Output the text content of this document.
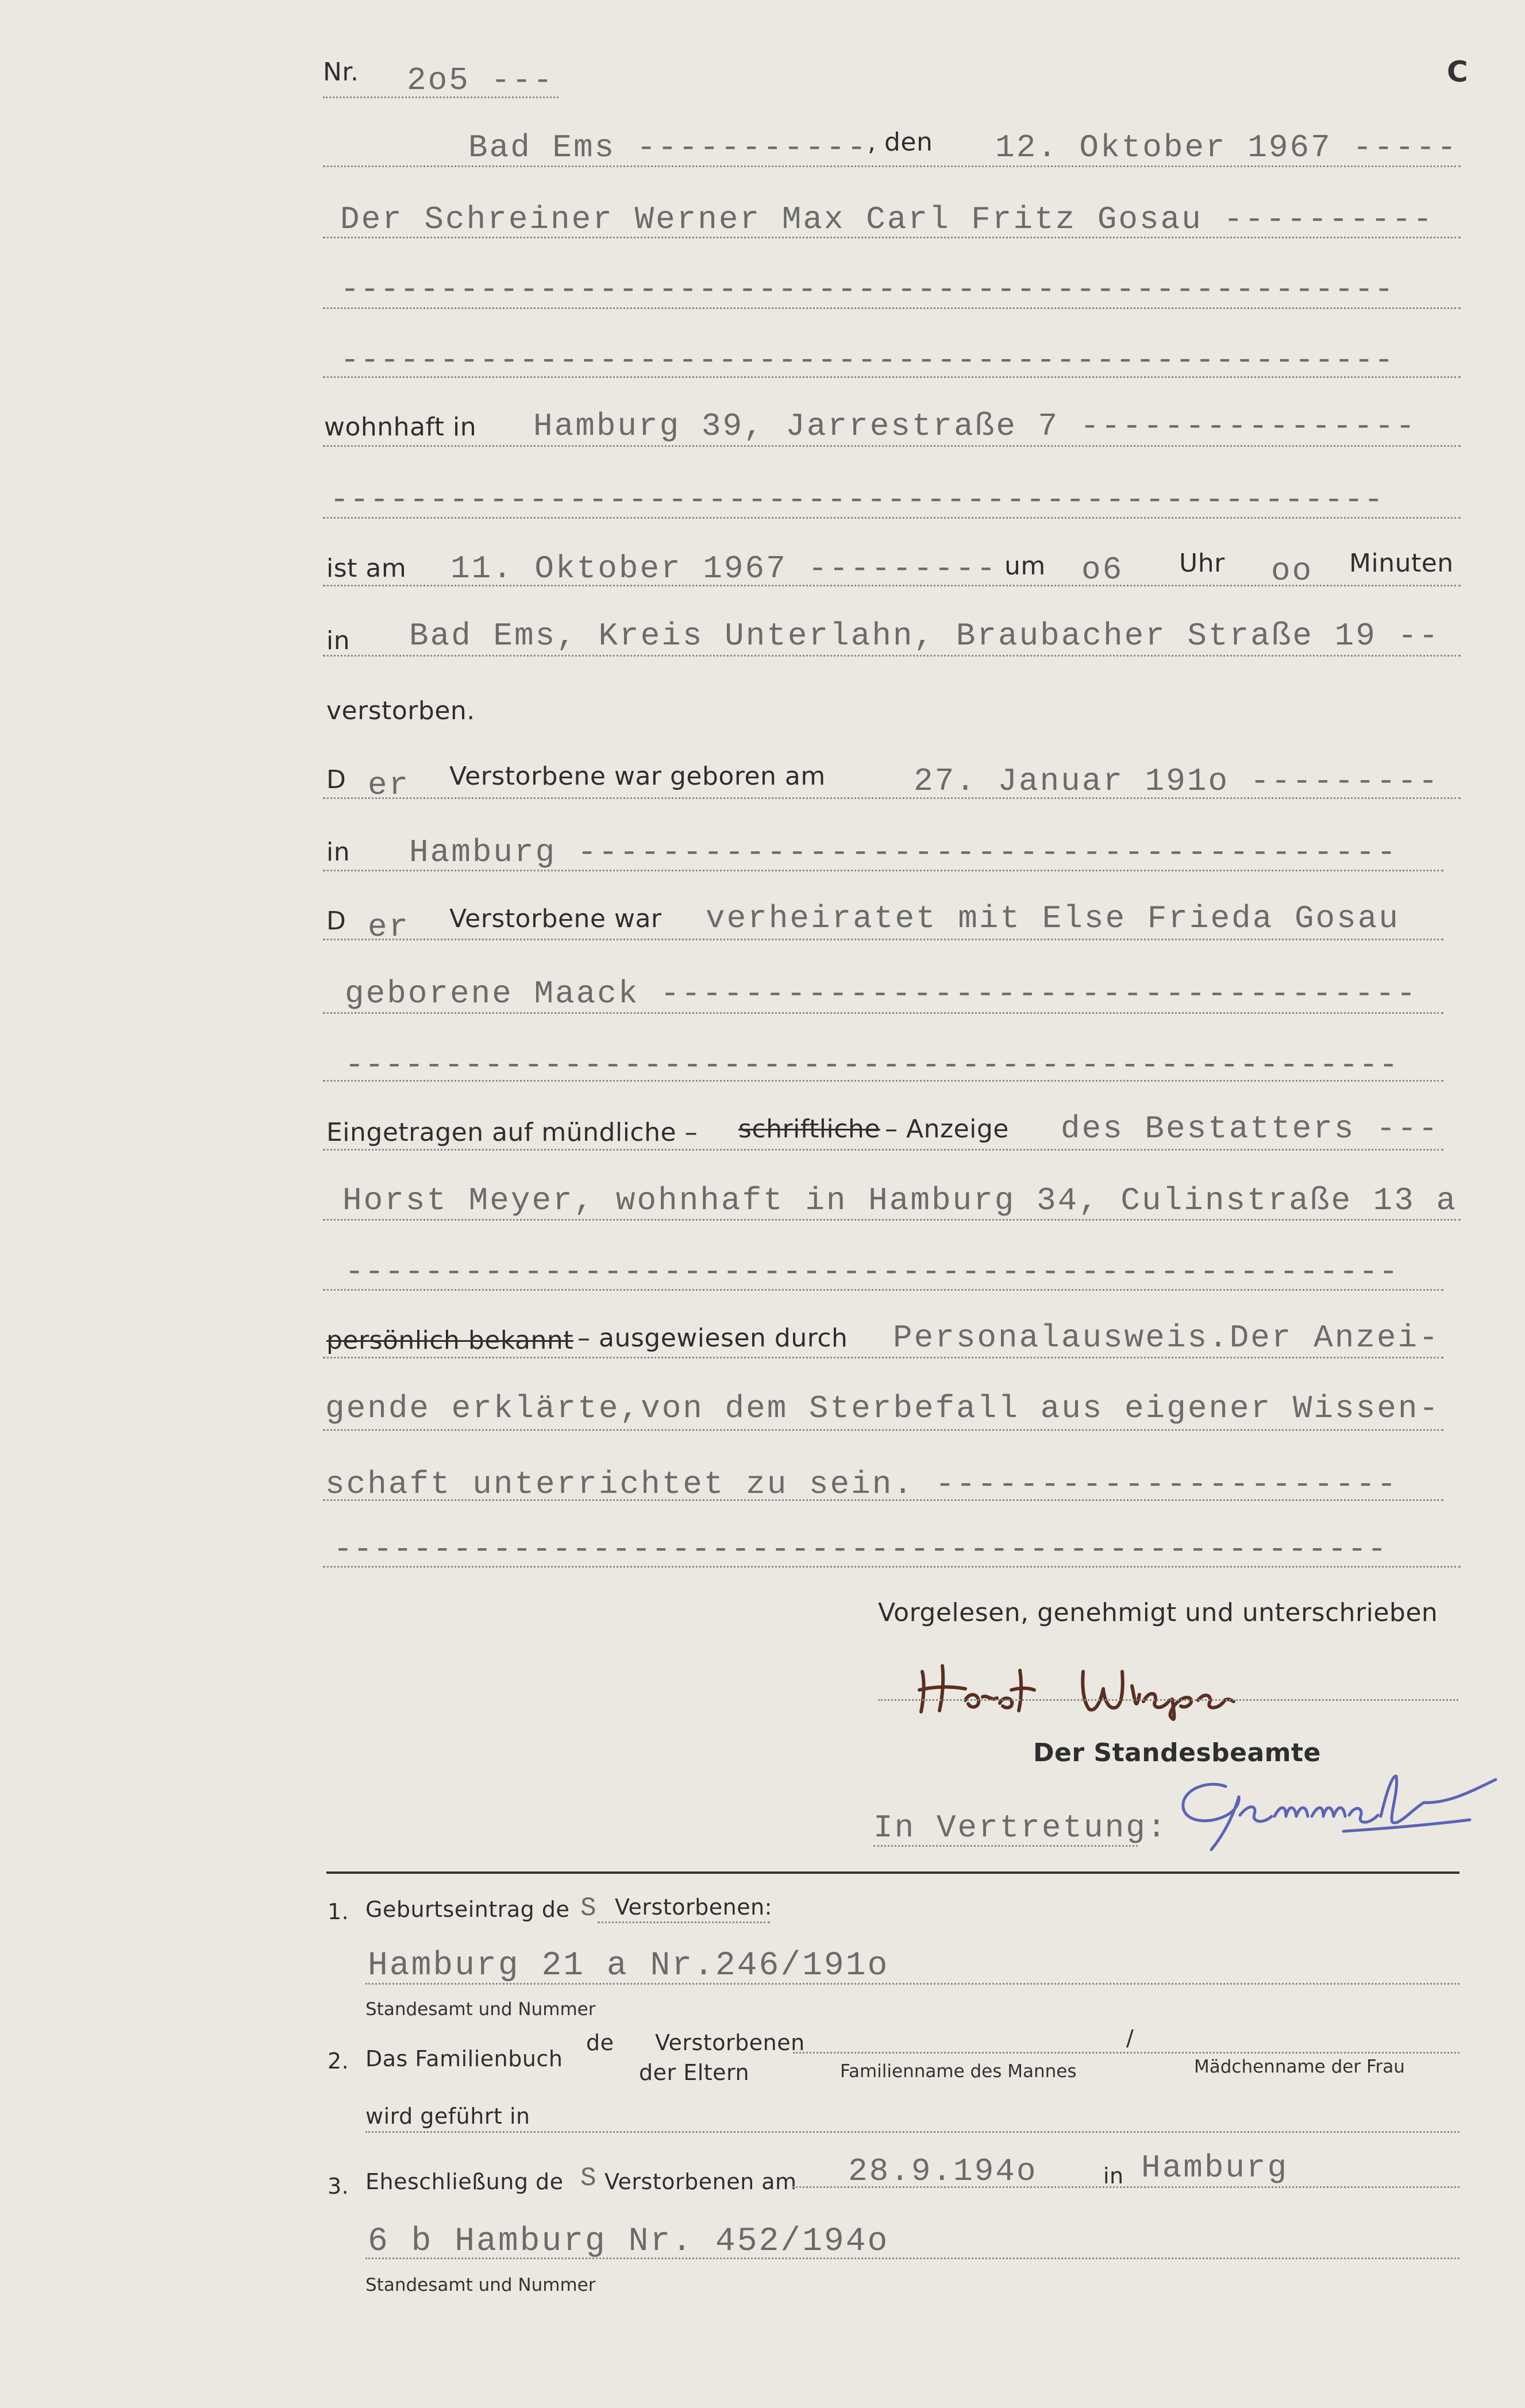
Nr. 2o5 ---	C
Bad Ems ----------- , den 12. Oktober 1967 -----
Der Schreiner Werner Max Carl Fritz Gosau ----------
-----------------------------------------------------
-----------------------------------------------------
wohnhaft in Hamburg 39, Jarrestraße 7 ----------------
-----------------------------------------------------
ist am 11. Oktober 1967 --------- um o6 Uhr oo Minuten
in Bad Ems, Kreis Unterlahn, Braubacher Straße 19 --
verstorben.
D er Verstorbene war geboren am	27. Januar 191o ---------
in Hamburg ---------------------------------------
D er Verstorbene war verheiratet mit Else Frieda Gosau
geborene Maack ------------------------------------
-----------------------------------------------------
Eingetragen auf mündliche – schriftliche – Anzeige des Bestatters ---
Horst Meyer, wohnhaft in Hamburg 34, Culinstraße 13 a
-----------------------------------------------------
persönlich bekannt – ausgewiesen durch Personalausweis.Der Anzei-
gende erklärte,von dem Sterbefall aus eigener Wissen-
schaft unterrichtet zu sein. ----------------------
-----------------------------------------------------
Vorgelesen, genehmigt und unterschrieben
Der Standesbeamte
In Vertretung:
1. Geburtseintrag de S Verstorbenen:
Hamburg 21 a Nr.246/191o
Standesamt und Nummer
2. Das Familienbuch
de Verstorbenen
der Eltern
/
Familienname des Mannes	Mädchenname der Frau
wird geführt in
3. Eheschließung de S Verstorbenen am 28.9.194o	in Hamburg
6 b Hamburg Nr. 452/194o
Standesamt und Nummer
